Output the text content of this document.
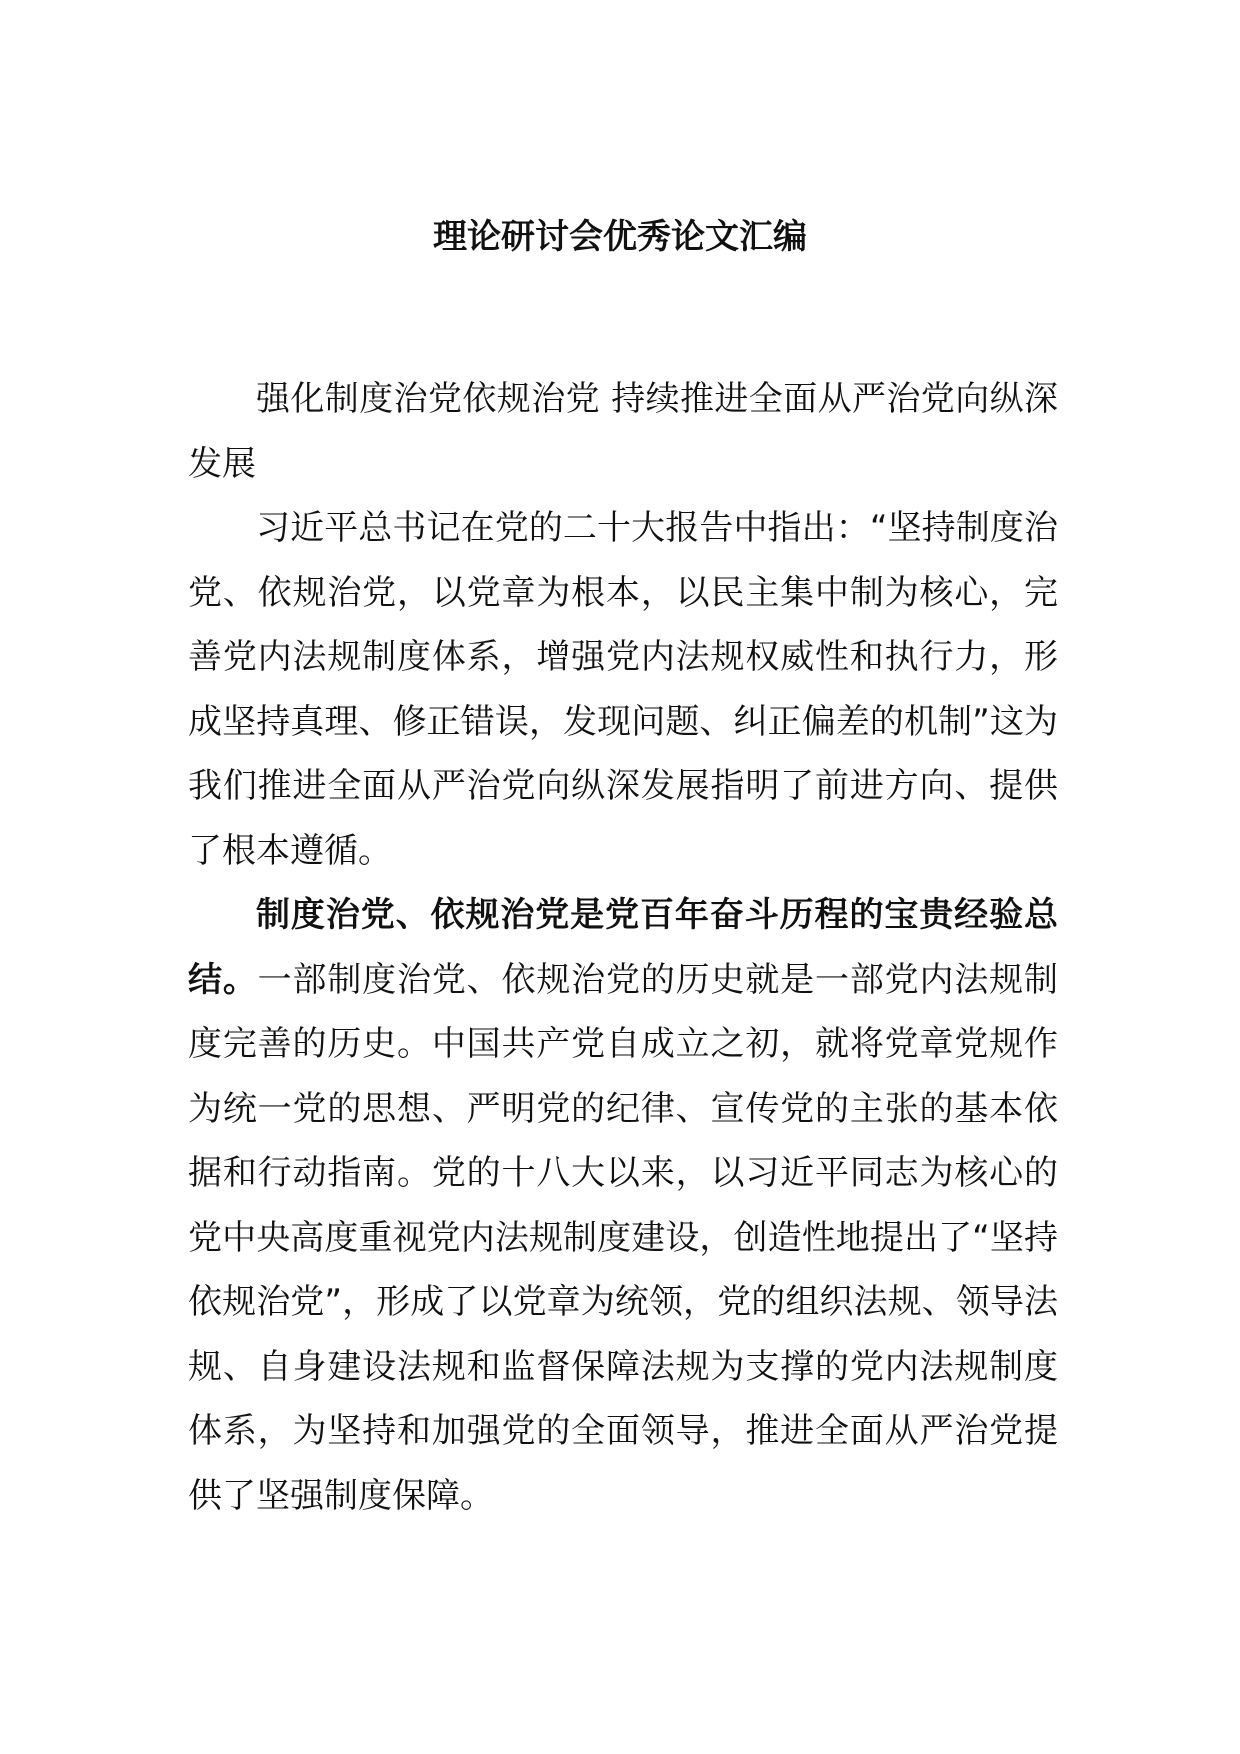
理论研讨会优秀论文汇编

强化制度治党依规治党 持续推进全面从严治党向纵深发展

习近平总书记在党的二十大报告中指出：“坚持制度治党、依规治党，以党章为根本，以民主集中制为核心，完善党内法规制度体系，增强党内法规权威性和执行力，形成坚持真理、修正错误，发现问题、纠正偏差的机制”这为我们推进全面从严治党向纵深发展指明了前进方向、提供了根本遵循。

制度治党、依规治党是党百年奋斗历程的宝贵经验总结。一部制度治党、依规治党的历史就是一部党内法规制度完善的历史。中国共产党自成立之初，就将党章党规作为统一党的思想、严明党的纪律、宣传党的主张的基本依据和行动指南。党的十八大以来，以习近平同志为核心的党中央高度重视党内法规制度建设，创造性地提出了“坚持依规治党”，形成了以党章为统领，党的组织法规、领导法规、自身建设法规和监督保障法规为支撑的党内法规制度体系，为坚持和加强党的全面领导，推进全面从严治党提供了坚强制度保障。
